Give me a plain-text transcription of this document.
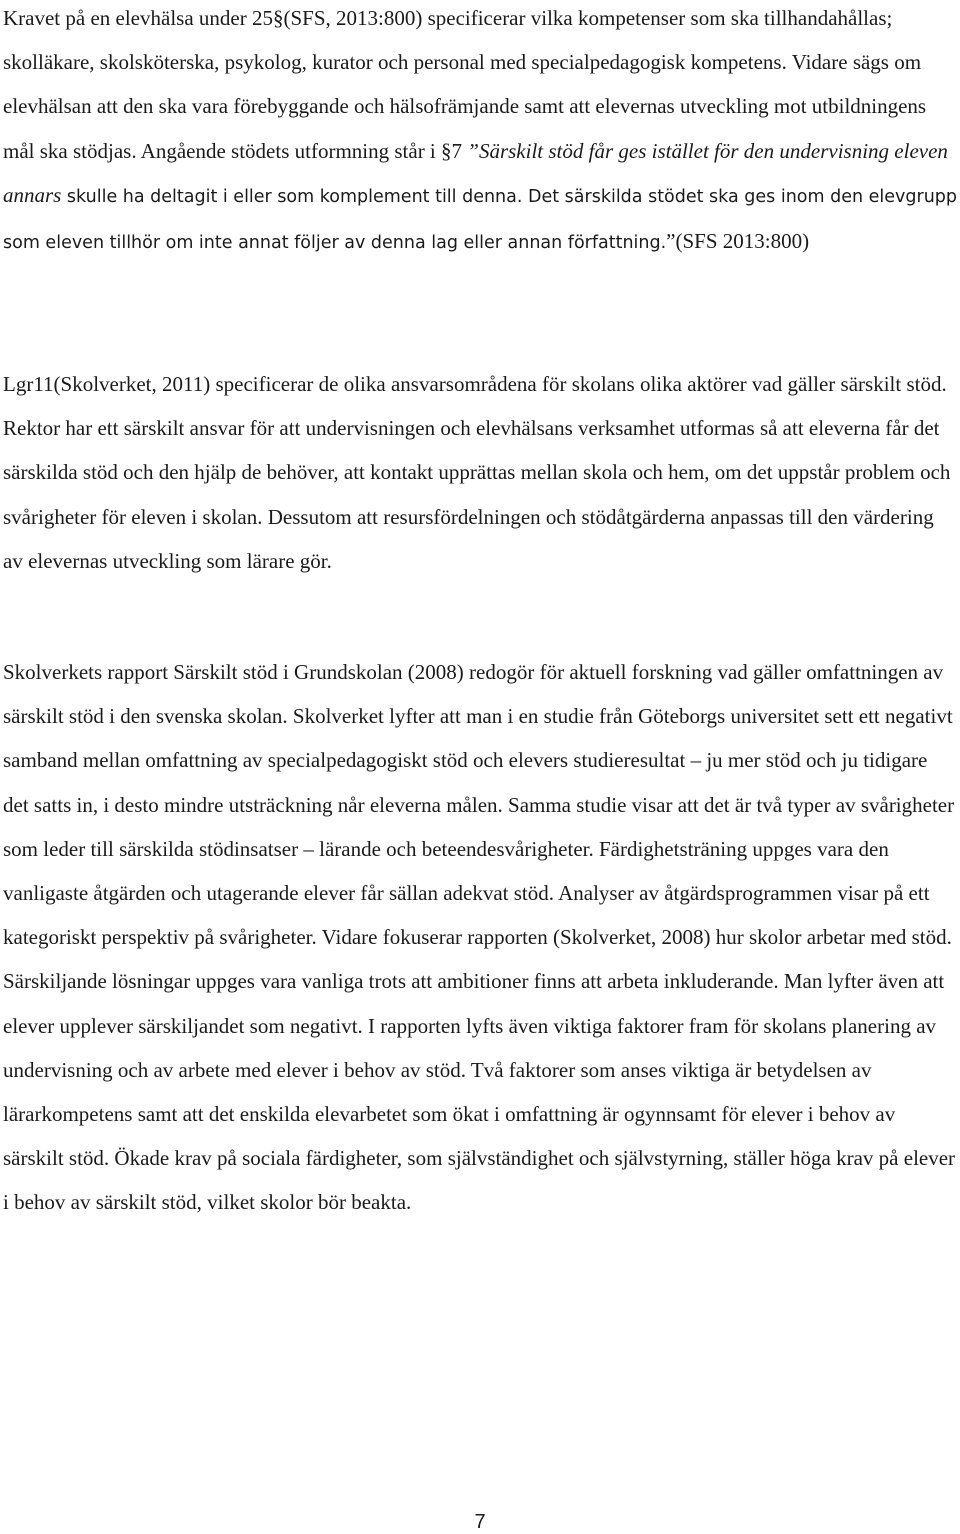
Kravet på en elevhälsa under 25§(SFS, 2013:800) specificerar vilka kompetenser som ska tillhandahållas; skolläkare, skolsköterska, psykolog, kurator och personal med specialpedagogisk kompetens. Vidare sägs om elevhälsan att den ska vara förebyggande och hälsofrämjande samt att elevernas utveckling mot utbildningens mål ska stödjas. Angående stödets utformning står i §7 ”Särskilt stöd får ges istället för den undervisning eleven annars skulle ha deltagit i eller som komplement till denna. Det särskilda stödet ska ges inom den elevgrupp som eleven tillhör om inte annat följer av denna lag eller annan författning.”(SFS 2013:800)

Lgr11(Skolverket, 2011) specificerar de olika ansvarsområdena för skolans olika aktörer vad gäller särskilt stöd. Rektor har ett särskilt ansvar för att undervisningen och elevhälsans verksamhet utformas så att eleverna får det särskilda stöd och den hjälp de behöver, att kontakt upprättas mellan skola och hem, om det uppstår problem och svårigheter för eleven i skolan. Dessutom att resursfördelningen och stödåtgärderna anpassas till den värdering av elevernas utveckling som lärare gör.

Skolverkets rapport Särskilt stöd i Grundskolan (2008) redogör för aktuell forskning vad gäller omfattningen av särskilt stöd i den svenska skolan. Skolverket lyfter att man i en studie från Göteborgs universitet sett ett negativt samband mellan omfattning av specialpedagogiskt stöd och elevers studieresultat – ju mer stöd och ju tidigare det satts in, i desto mindre utsträckning når eleverna målen. Samma studie visar att det är två typer av svårigheter som leder till särskilda stödinsatser – lärande och beteendesvårigheter. Färdighetsträning uppges vara den vanligaste åtgärden och utagerande elever får sällan adekvat stöd. Analyser av åtgärdsprogrammen visar på ett kategoriskt perspektiv på svårigheter. Vidare fokuserar rapporten (Skolverket, 2008) hur skolor arbetar med stöd. Särskiljande lösningar uppges vara vanliga trots att ambitioner finns att arbeta inkluderande. Man lyfter även att elever upplever särskiljandet som negativt. I rapporten lyfts även viktiga faktorer fram för skolans planering av undervisning och av arbete med elever i behov av stöd. Två faktorer som anses viktiga är betydelsen av lärarkompetens samt att det enskilda elevarbetet som ökat i omfattning är ogynnsamt för elever i behov av särskilt stöd. Ökade krav på sociala färdigheter, som självständighet och självstyrning, ställer höga krav på elever i behov av särskilt stöd, vilket skolor bör beakta.

7
